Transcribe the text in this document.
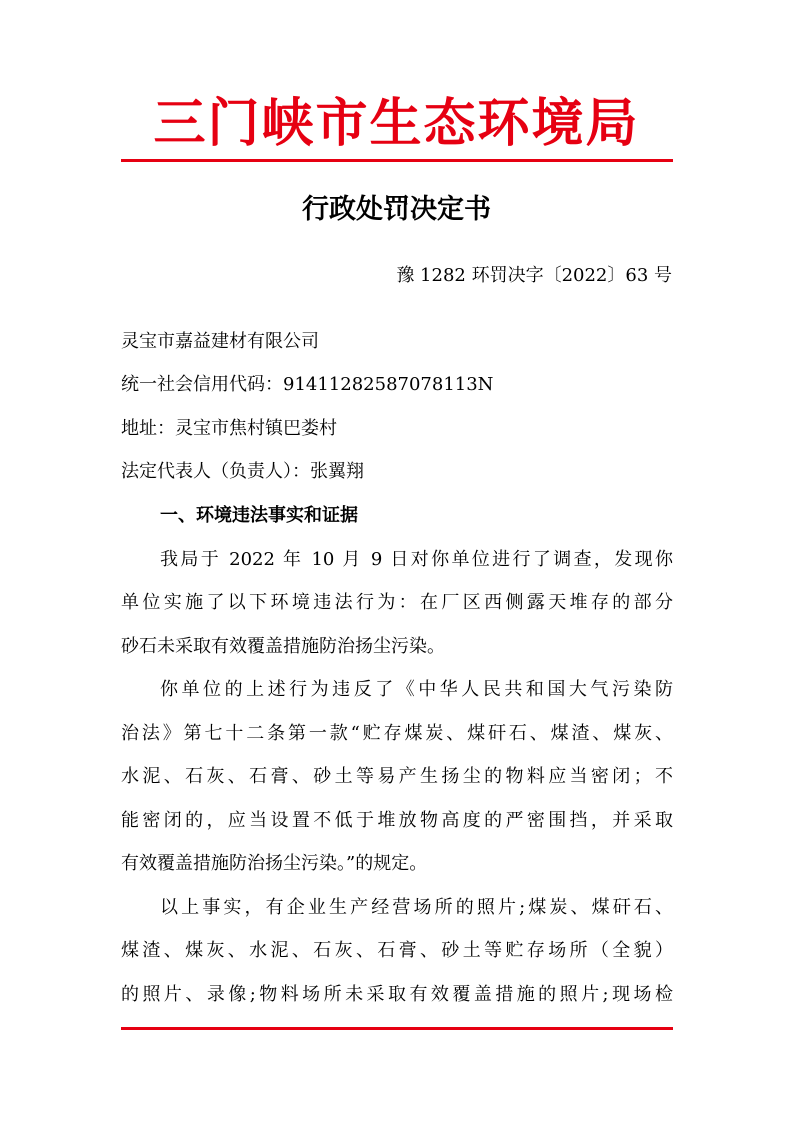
三门峡市生态环境局
行政处罚决定书
豫 1282 环罚决字〔2022〕63 号
灵宝市嘉益建材有限公司
统一社会信用代码：91411282587078113N
地址：灵宝市焦村镇巴娄村
法定代表人（负责人）：张翼翔
一、环境违法事实和证据
我局于 2022 年 10 月 9 日对你单位进行了调查，发现你
单位实施了以下环境违法行为：在厂区西侧露天堆存的部分
砂石未采取有效覆盖措施防治扬尘污染。
你单位的上述行为违反了《中华人民共和国大气污染防
治法》第七十二条第一款“贮存煤炭、煤矸石、煤渣、煤灰、
水泥、石灰、石膏、砂土等易产生扬尘的物料应当密闭；不
能密闭的，应当设置不低于堆放物高度的严密围挡，并采取
有效覆盖措施防治扬尘污染。”的规定。
以上事实，有企业生产经营场所的照片;煤炭、煤矸石、
煤渣、煤灰、水泥、石灰、石膏、砂土等贮存场所（全貌）
的照片、录像;物料场所未采取有效覆盖措施的照片;现场检
